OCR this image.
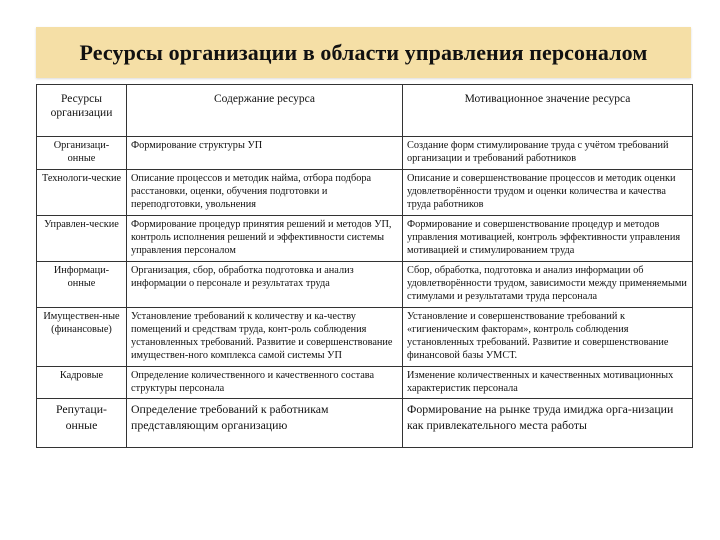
Ресурсы организации в области управления персоналом
Ресурсы организации	Содержание ресурса	Мотивационное значение ресурса
Организаци-онные	Формирование структуры УП	Создание форм стимулирование труда с учётом требований организации и требований работников
Технологи-ческие	Описание процессов и методик найма, отбора подбора расстановки, оценки, обучения подготовки и переподготовки, увольнения	Описание и совершенствование процессов и методик оценки удовлетворённости трудом и оценки количества и качества труда работников
Управлен-ческие	Формирование процедур принятия решений и методов УП, контроль исполнения решений и эффективности системы управления персоналом	Формирование и совершенствование процедур и методов управления мотивацией, контроль эффективности управления мотивацией и стимулированием труда
Информаци-онные	Организация, сбор, обработка подготовка и анализ информации о персонале и результатах труда	Сбор, обработка, подготовка и анализ информации об удовлетворённости трудом, зависимости между применяемыми стимулами и результатами труда персонала
Имуществен-ные (финансовые)	Установление требований к количеству и ка-честву помещений и средствам труда, конт-роль соблюдения установленных требований. Развитие и совершенствование имуществен-ного комплекса самой системы УП	Установление и совершенствование требований к «гигиеническим факторам», контроль соблюдения установленных требований. Развитие и совершенствование финансовой базы УМСТ.
Кадровые	Определение количественного и качественного состава структуры персонала	Изменение количественных и качественных мотивационных характеристик персонала
Репутаци-онные	Определение требований к работникам представляющим организацию	Формирование на рынке труда имиджа орга-низации как привлекательного места работы
